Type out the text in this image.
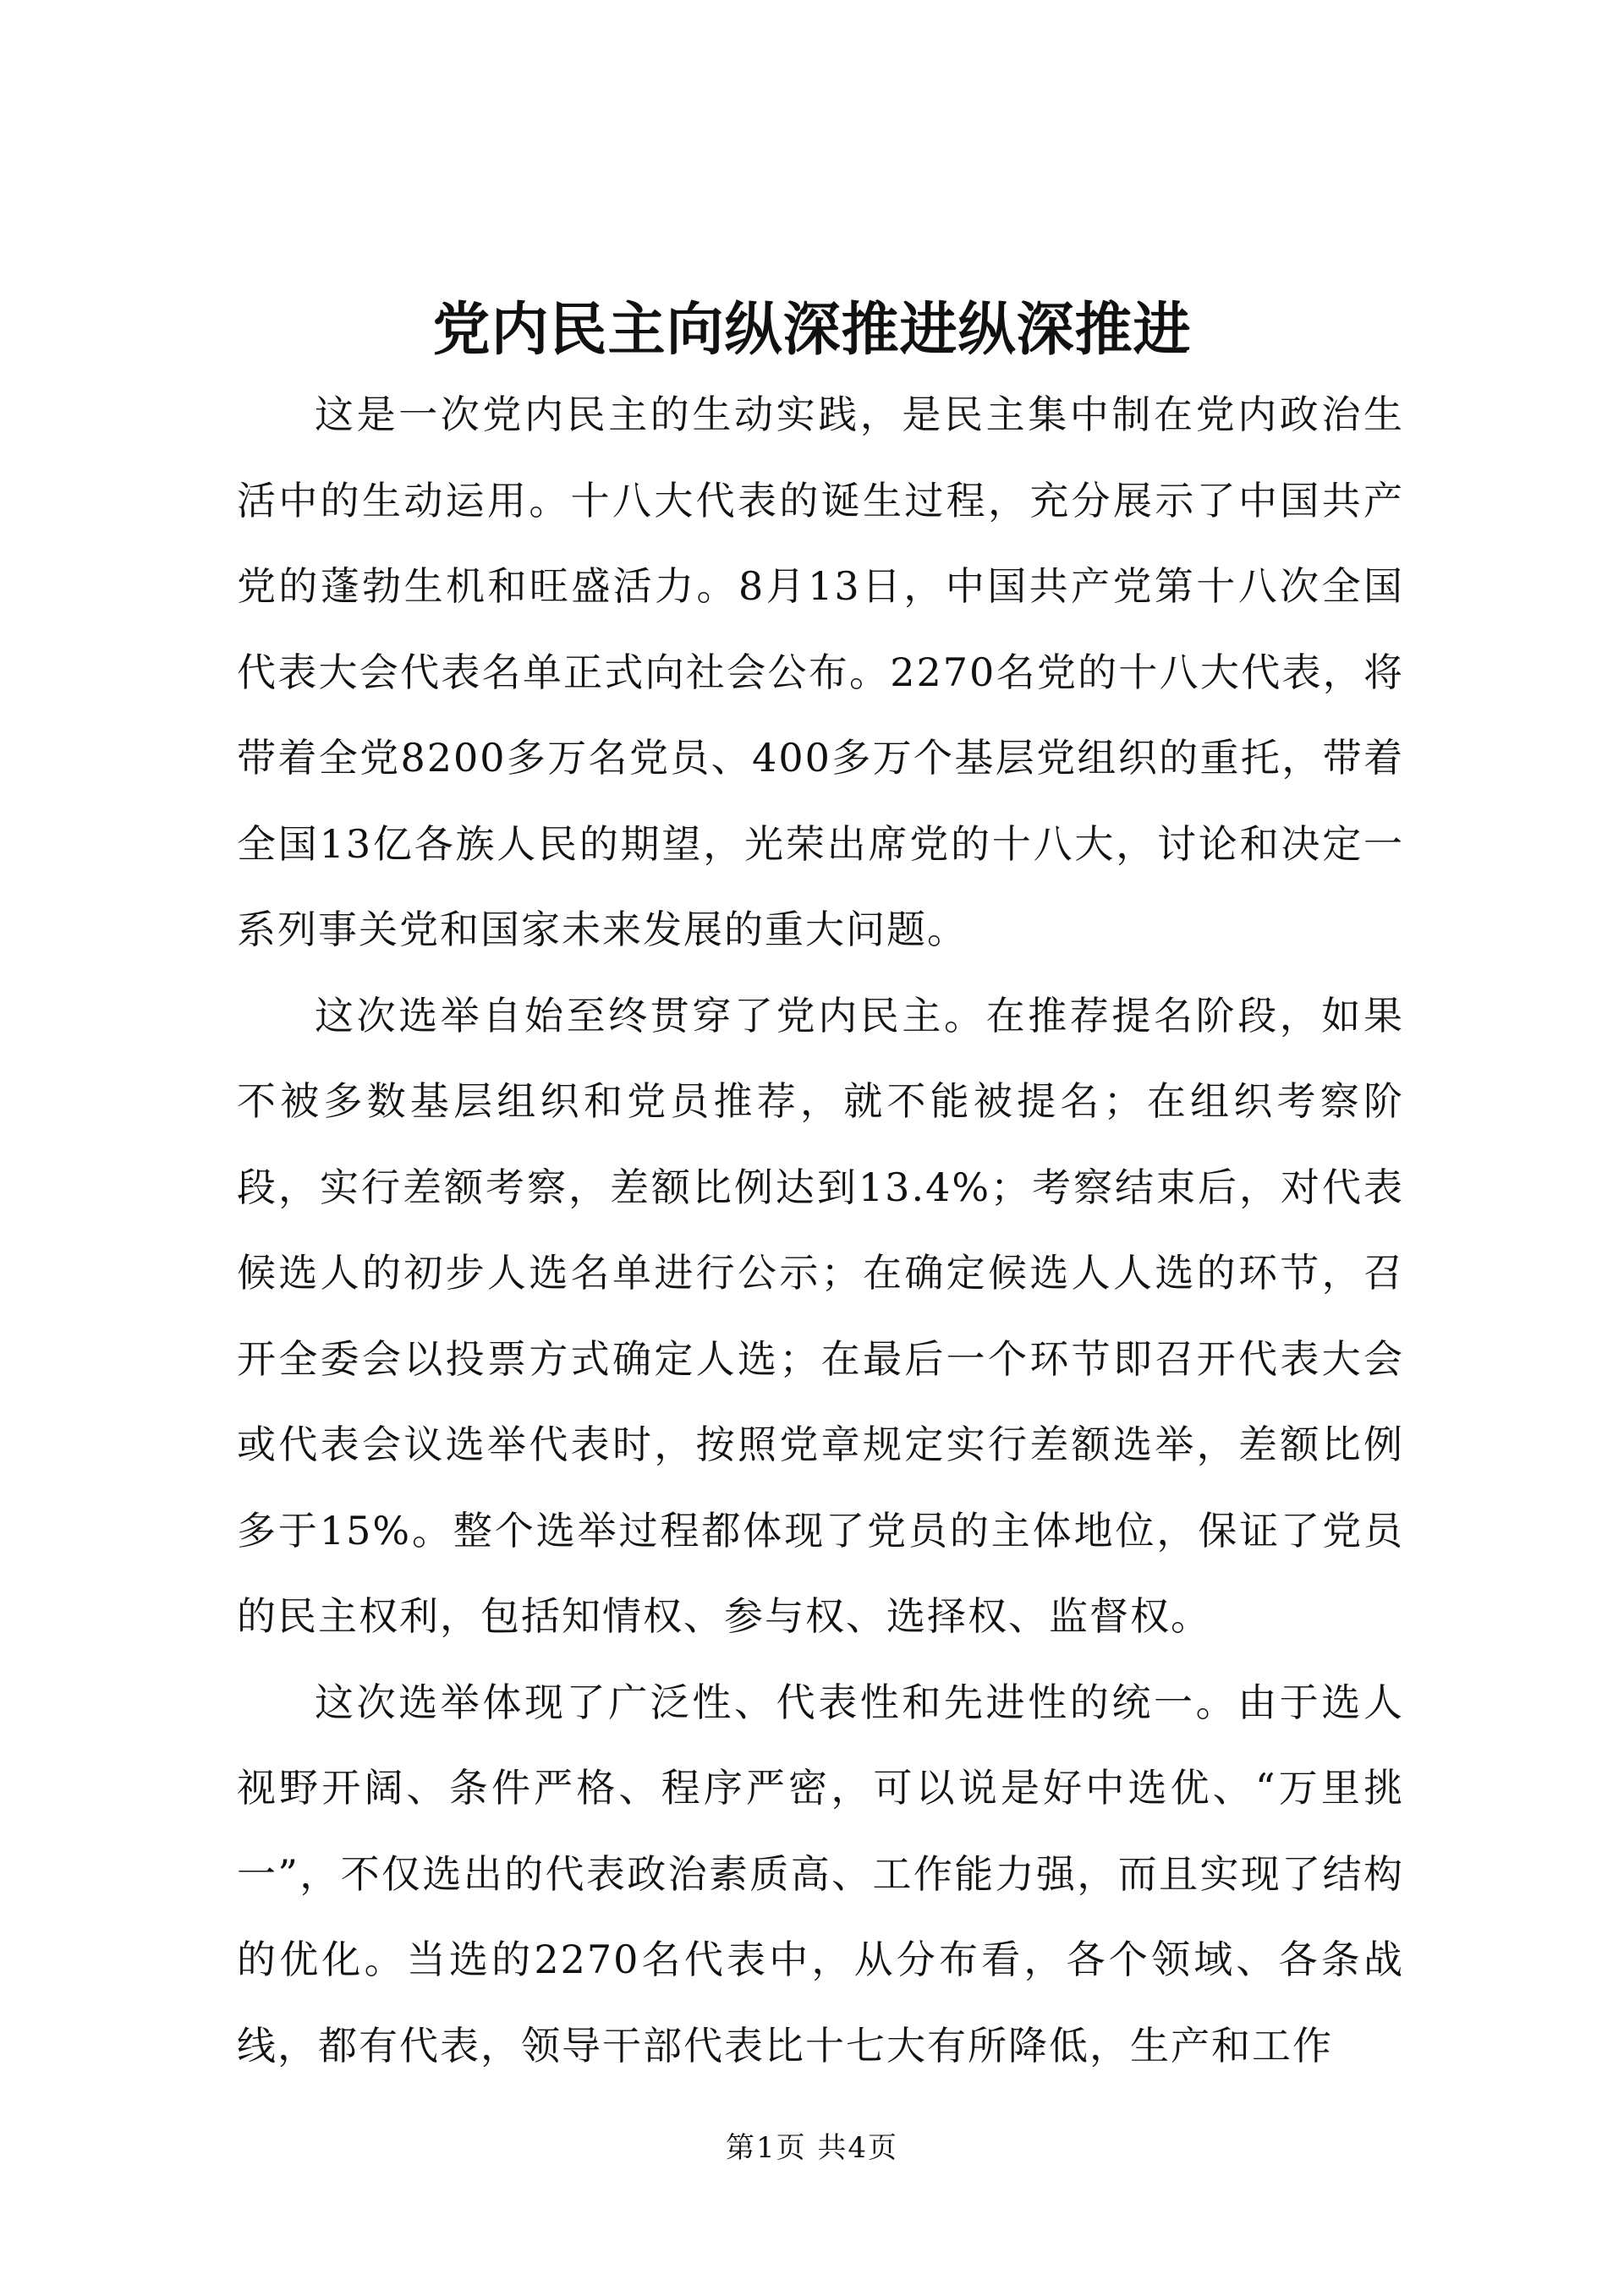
党内民主向纵深推进纵深推进

这是一次党内民主的生动实践，是民主集中制在党内政治生活中的生动运用。十八大代表的诞生过程，充分展示了中国共产党的蓬勃生机和旺盛活力。8月13日，中国共产党第十八次全国代表大会代表名单正式向社会公布。2270名党的十八大代表，将带着全党8200多万名党员、400多万个基层党组织的重托，带着全国13亿各族人民的期望，光荣出席党的十八大，讨论和决定一系列事关党和国家未来发展的重大问题。

这次选举自始至终贯穿了党内民主。在推荐提名阶段，如果不被多数基层组织和党员推荐，就不能被提名；在组织考察阶段，实行差额考察，差额比例达到13.4%；考察结束后，对代表候选人的初步人选名单进行公示；在确定候选人人选的环节，召开全委会以投票方式确定人选；在最后一个环节即召开代表大会或代表会议选举代表时，按照党章规定实行差额选举，差额比例多于15%。整个选举过程都体现了党员的主体地位，保证了党员的民主权利，包括知情权、参与权、选择权、监督权。

这次选举体现了广泛性、代表性和先进性的统一。由于选人视野开阔、条件严格、程序严密，可以说是好中选优、“万里挑一”，不仅选出的代表政治素质高、工作能力强，而且实现了结构的优化。当选的2270名代表中，从分布看，各个领域、各条战线，都有代表，领导干部代表比十七大有所降低，生产和工作

第1页 共4页
